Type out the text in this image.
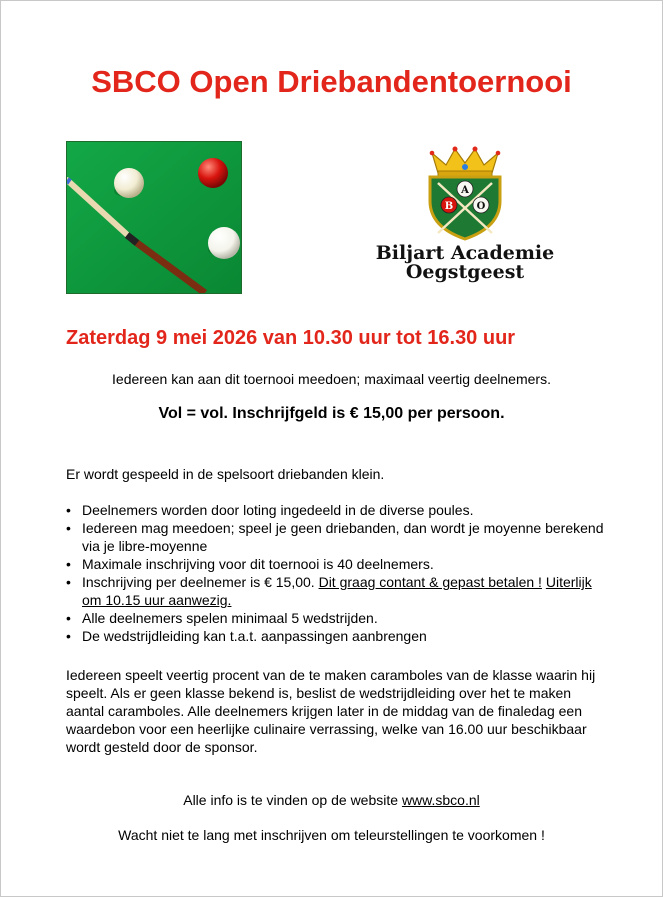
SBCO Open Driebandentoernooi
A
B O
Biljart Academie
Oegstgeest
Zaterdag 9 mei 2026 van 10.30 uur tot 16.30 uur
Iedereen kan aan dit toernooi meedoen; maximaal veertig deelnemers.
Vol = vol. Inschrijfgeld is € 15,00 per persoon.
Er wordt gespeeld in de spelsoort driebanden klein.
• Deelnemers worden door loting ingedeeld in de diverse poules.
• Iedereen mag meedoen; speel je geen driebanden, dan wordt je moyenne berekend via je libre-moyenne
• Maximale inschrijving voor dit toernooi is 40 deelnemers.
• Inschrijving per deelnemer is € 15,00. Dit graag contant & gepast betalen ! Uiterlijk om 10.15 uur aanwezig.
• Alle deelnemers spelen minimaal 5 wedstrijden.
• De wedstrijdleiding kan t.a.t. aanpassingen aanbrengen
Iedereen speelt veertig procent van de te maken caramboles van de klasse waarin hij speelt. Als er geen klasse bekend is, beslist de wedstrijdleiding over het te maken aantal caramboles. Alle deelnemers krijgen later in de middag van de finaledag een waardebon voor een heerlijke culinaire verrassing, welke van 16.00 uur beschikbaar wordt gesteld door de sponsor.
Alle info is te vinden op de website www.sbco.nl
Wacht niet te lang met inschrijven om teleurstellingen te voorkomen !
